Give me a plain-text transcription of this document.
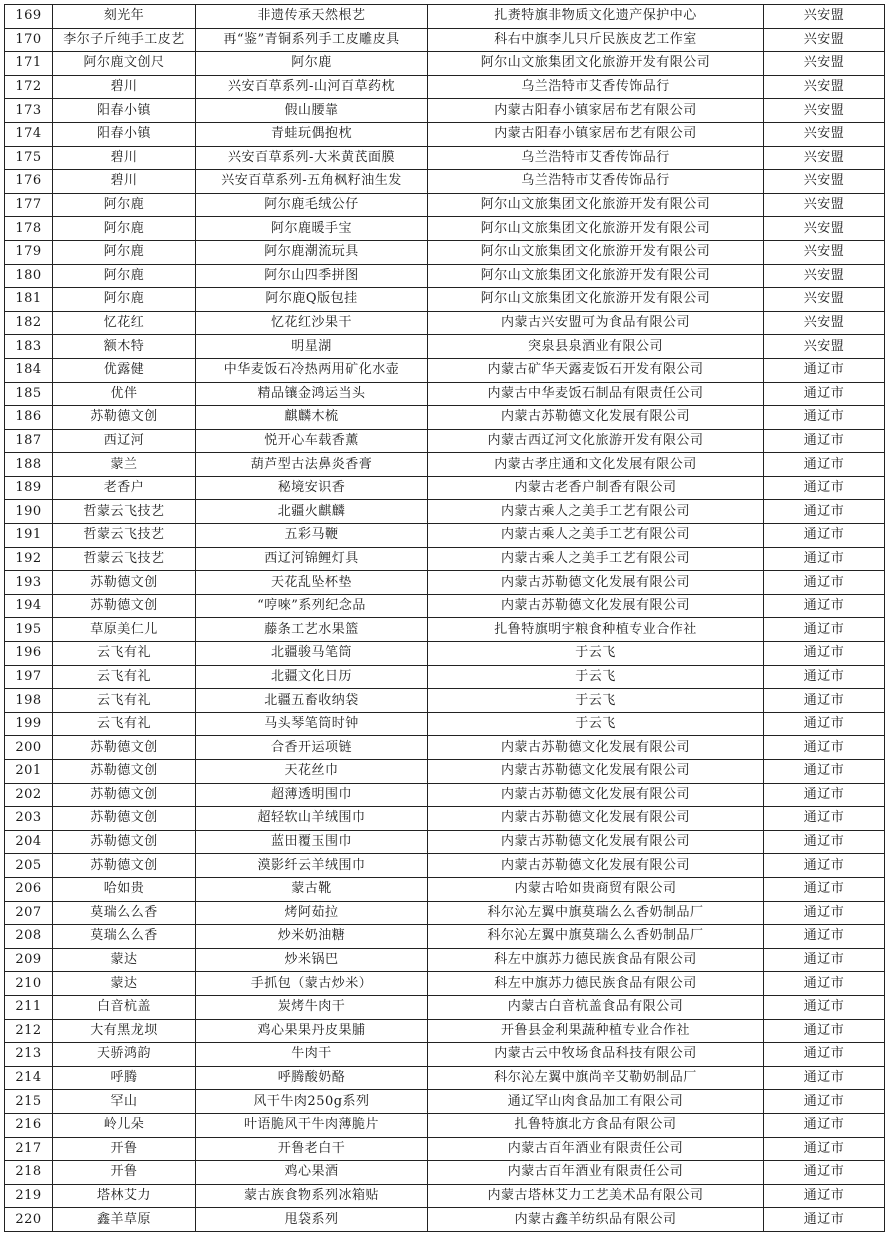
169	刻光年	非遗传承天然根艺	扎赉特旗非物质文化遗产保护中心	兴安盟
170	李尔子斤纯手工皮艺	再“鉴”青铜系列手工皮雕皮具	科右中旗李儿只斤民族皮艺工作室	兴安盟
171	阿尔鹿文创尺	阿尔鹿	阿尔山文旅集团文化旅游开发有限公司	兴安盟
172	碧川	兴安百草系列-山河百草药枕	乌兰浩特市艾香传饰品行	兴安盟
173	阳春小镇	假山腰靠	内蒙古阳春小镇家居布艺有限公司	兴安盟
174	阳春小镇	青蛙玩偶抱枕	内蒙古阳春小镇家居布艺有限公司	兴安盟
175	碧川	兴安百草系列-大米黄芪面膜	乌兰浩特市艾香传饰品行	兴安盟
176	碧川	兴安百草系列-五角枫籽油生发	乌兰浩特市艾香传饰品行	兴安盟
177	阿尔鹿	阿尔鹿毛绒公仔	阿尔山文旅集团文化旅游开发有限公司	兴安盟
178	阿尔鹿	阿尔鹿暖手宝	阿尔山文旅集团文化旅游开发有限公司	兴安盟
179	阿尔鹿	阿尔鹿潮流玩具	阿尔山文旅集团文化旅游开发有限公司	兴安盟
180	阿尔鹿	阿尔山四季拼图	阿尔山文旅集团文化旅游开发有限公司	兴安盟
181	阿尔鹿	阿尔鹿Q版包挂	阿尔山文旅集团文化旅游开发有限公司	兴安盟
182	忆花红	忆花红沙果干	内蒙古兴安盟可为食品有限公司	兴安盟
183	额木特	明星湖	突泉县泉酒业有限公司	兴安盟
184	优露健	中华麦饭石冷热两用矿化水壶	内蒙古矿华天露麦饭石开发有限公司	通辽市
185	优伴	精品镶金鸿运当头	内蒙古中华麦饭石制品有限责任公司	通辽市
186	苏勒德文创	麒麟木梳	内蒙古苏勒德文化发展有限公司	通辽市
187	西辽河	悦开心车载香薰	内蒙古西辽河文化旅游开发有限公司	通辽市
188	蒙兰	葫芦型古法鼻炎香膏	内蒙古孝庄通和文化发展有限公司	通辽市
189	老香户	秘境安识香	内蒙古老香户制香有限公司	通辽市
190	哲蒙云飞技艺	北疆火麒麟	内蒙古乘人之美手工艺有限公司	通辽市
191	哲蒙云飞技艺	五彩马鞭	内蒙古乘人之美手工艺有限公司	通辽市
192	哲蒙云飞技艺	西辽河锦鲤灯具	内蒙古乘人之美手工艺有限公司	通辽市
193	苏勒德文创	天花乱坠杯垫	内蒙古苏勒德文化发展有限公司	通辽市
194	苏勒德文创	“哼唻”系列纪念品	内蒙古苏勒德文化发展有限公司	通辽市
195	草原美仁儿	藤条工艺水果篮	扎鲁特旗明宇粮食种植专业合作社	通辽市
196	云飞有礼	北疆骏马笔筒	于云飞	通辽市
197	云飞有礼	北疆文化日历	于云飞	通辽市
198	云飞有礼	北疆五畜收纳袋	于云飞	通辽市
199	云飞有礼	马头琴笔筒时钟	于云飞	通辽市
200	苏勒德文创	合香开运项链	内蒙古苏勒德文化发展有限公司	通辽市
201	苏勒德文创	天花丝巾	内蒙古苏勒德文化发展有限公司	通辽市
202	苏勒德文创	超薄透明围巾	内蒙古苏勒德文化发展有限公司	通辽市
203	苏勒德文创	超轻软山羊绒围巾	内蒙古苏勒德文化发展有限公司	通辽市
204	苏勒德文创	蓝田覆玉围巾	内蒙古苏勒德文化发展有限公司	通辽市
205	苏勒德文创	漠影纤云羊绒围巾	内蒙古苏勒德文化发展有限公司	通辽市
206	哈如贵	蒙古靴	内蒙古哈如贵商贸有限公司	通辽市
207	莫瑞么么香	烤阿茹拉	科尔沁左翼中旗莫瑞么么香奶制品厂	通辽市
208	莫瑞么么香	炒米奶油糖	科尔沁左翼中旗莫瑞么么香奶制品厂	通辽市
209	蒙达	炒米锅巴	科左中旗苏力德民族食品有限公司	通辽市
210	蒙达	手抓包（蒙古炒米）	科左中旗苏力德民族食品有限公司	通辽市
211	白音杭盖	炭烤牛肉干	内蒙古白音杭盖食品有限公司	通辽市
212	大有黑龙坝	鸡心果果丹皮果脯	开鲁县金利果蔬种植专业合作社	通辽市
213	天骄鸿韵	牛肉干	内蒙古云中牧场食品科技有限公司	通辽市
214	呼腾	呼腾酸奶酪	科尔沁左翼中旗尚辛艾勒奶制品厂	通辽市
215	罕山	风干牛肉250g系列	通辽罕山肉食品加工有限公司	通辽市
216	岭儿朵	叶语脆风干牛肉薄脆片	扎鲁特旗北方食品有限公司	通辽市
217	开鲁	开鲁老白干	内蒙古百年酒业有限责任公司	通辽市
218	开鲁	鸡心果酒	内蒙古百年酒业有限责任公司	通辽市
219	塔林艾力	蒙古族食物系列冰箱贴	内蒙古塔林艾力工艺美术品有限公司	通辽市
220	鑫羊草原	甩袋系列	内蒙古鑫羊纺织品有限公司	通辽市
